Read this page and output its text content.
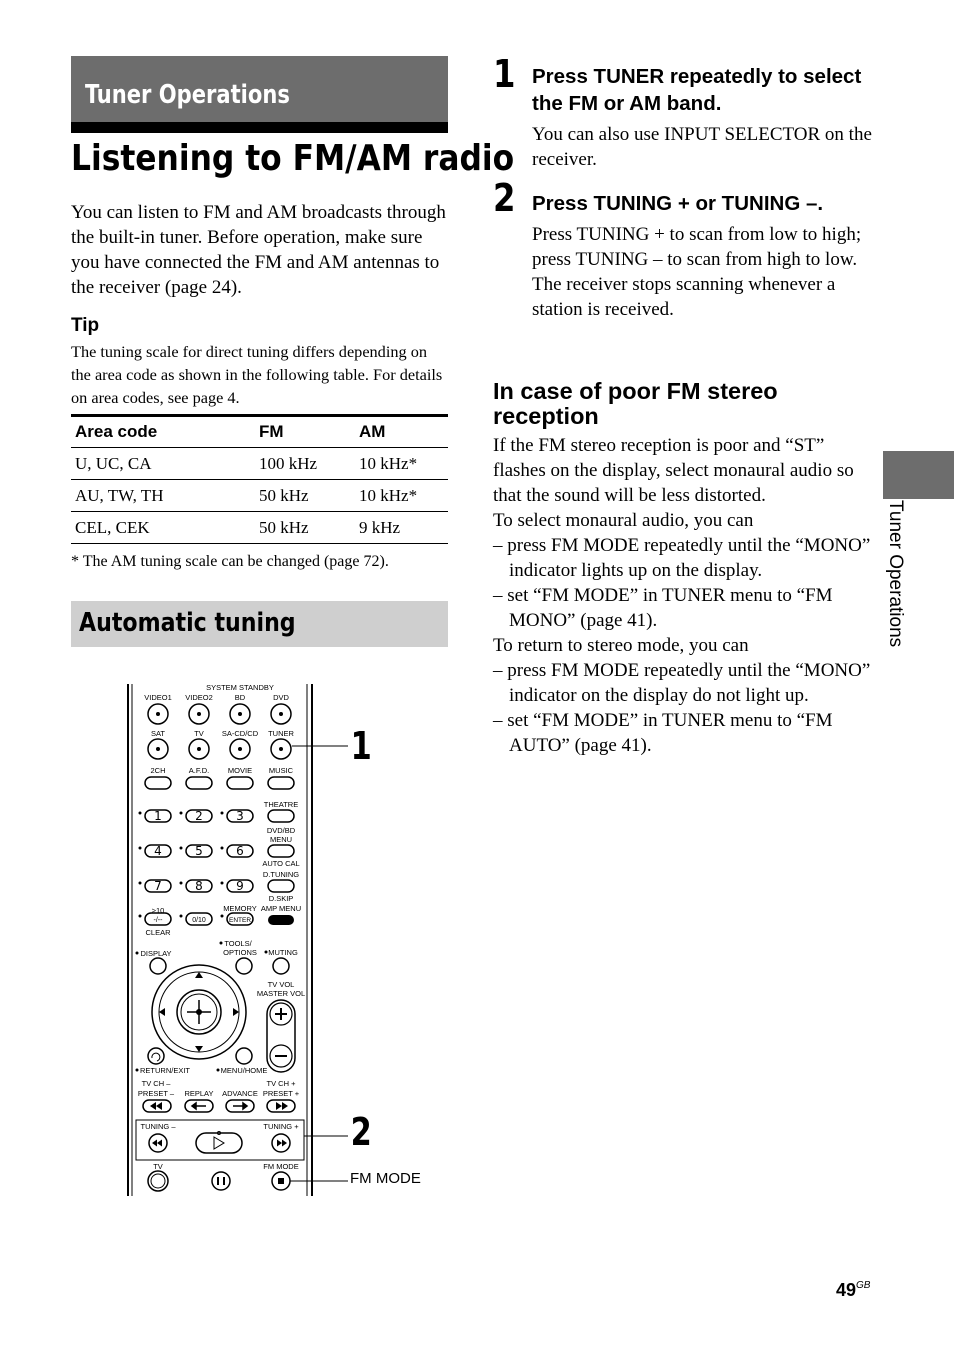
Tuner Operations
Listening to FM/AM radio
You can listen to FM and AM broadcasts through the built-in tuner. Before operation, make sure you have connected the FM and AM antennas to the receiver (page 24).
Tip
The tuning scale for direct tuning differs depending on the area code as shown in the following table. For details on area codes, see page 4.
Area code	FM	AM
U, UC, CA	100 kHz	10 kHz*
AU, TW, TH	50 kHz	10 kHz*
CEL, CEK	50 kHz	9 kHz
* The AM tuning scale can be changed (page 72).
Automatic tuning
VIDEO1 VIDEO2
SYSTEM STANDBY
BD	DVD
SAT	TV SA-CD/CD TUNER
2CH	A.F.D. MOVIE MUSIC
THEATRE
1	2	3
4	5	6
7	8	9
DVD/BD
MENU
AUTO CAL
D.TUNING
D.SKIP
MEMORY AMP MENU
>10
-/--	0/10	ENTER
CLEAR
DISPLAY
TOOLS/
OPTIONS MUTING
TV VOL
MASTER VOL
RETURN/EXIT	MENU/HOME
TV CH –
PRESET – REPLAY ADVANCE
TV CH +
PRESET +
TUNING –	TUNING +
TV	FM MODE
1
2
FM MODE
1 Press TUNER repeatedly to select the FM or AM band.
You can also use INPUT SELECTOR on the receiver.
2 Press TUNING + or TUNING –.
Press TUNING + to scan from low to high; press TUNING – to scan from high to low.
The receiver stops scanning whenever a station is received.
In case of poor FM stereo reception

If the FM stereo reception is poor and “ST” flashes on the display, select monaural audio so that the sound will be less distorted.

To select monaural audio, you can

– press FM MODE repeatedly until the “MONO” indicator lights up on the display.

– set “FM MODE” in TUNER menu to “FM MONO” (page 41).

To return to stereo mode, you can

– press FM MODE repeatedly until the “MONO” indicator on the display do not light up.

– set “FM MODE” in TUNER menu to “FM AUTO” (page 41).

Tuner Operations
$49^{GB}$
